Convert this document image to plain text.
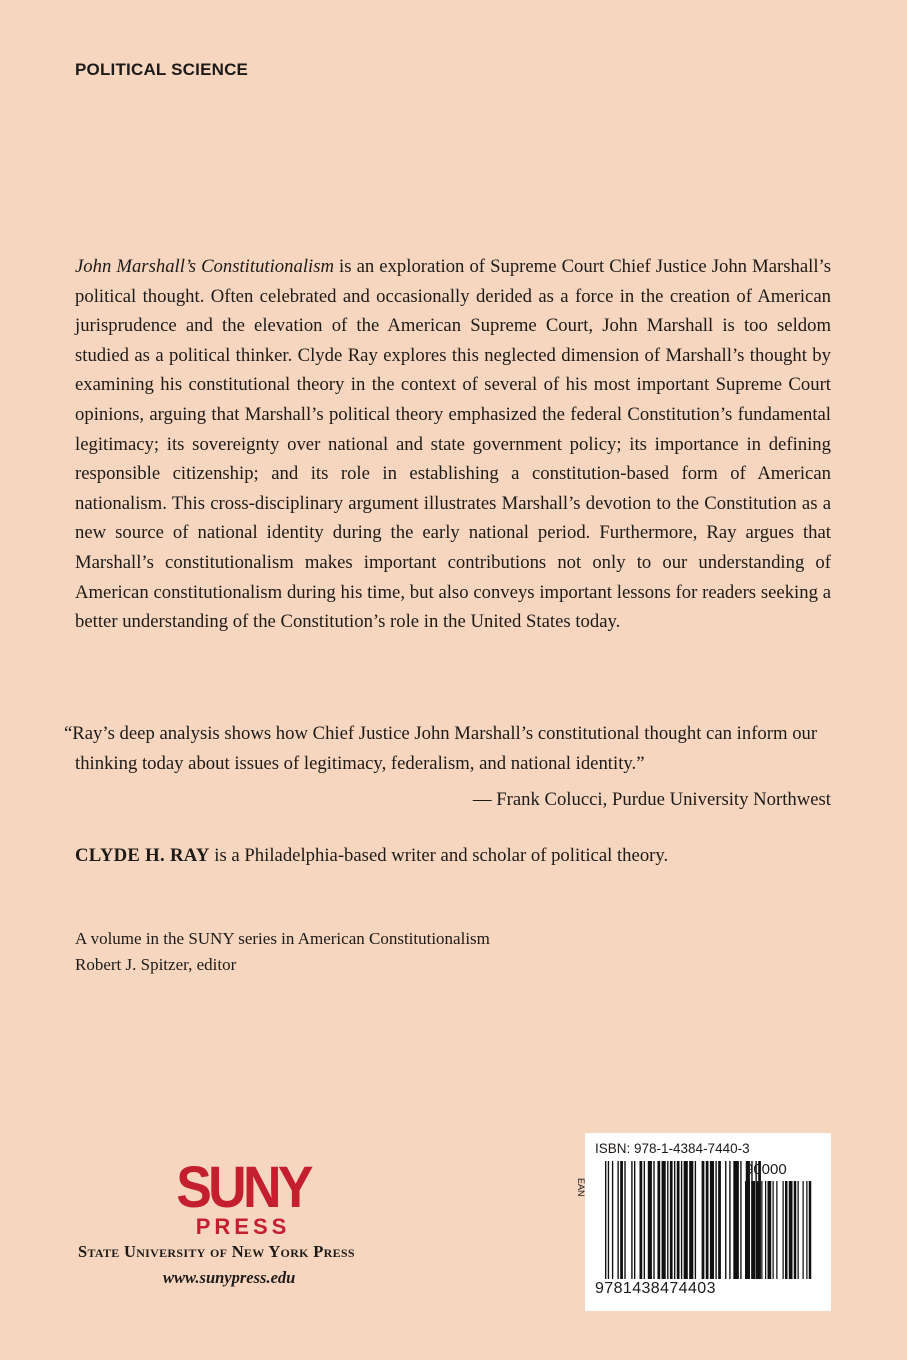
POLITICAL SCIENCE

John Marshall’s Constitutionalism is an exploration of Supreme Court Chief Justice John Marshall’s political thought. Often celebrated and occasionally derided as a force in the creation of American jurisprudence and the elevation of the American Supreme Court, John Marshall is too seldom studied as a political thinker. Clyde Ray explores this neglected dimension of Marshall’s thought by examining his constitutional theory in the context of several of his most important Supreme Court opinions, arguing that Marshall’s political theory emphasized the federal Constitution’s fundamental legitimacy; its sovereignty over national and state government policy; its importance in defining responsible citizenship; and its role in establishing a constitution-based form of American nationalism. This cross-disciplinary argument illustrates Marshall’s devotion to the Constitution as a new source of national identity during the early national period. Furthermore, Ray argues that Marshall’s constitutionalism makes important contributions not only to our understanding of American constitutionalism during his time, but also conveys important lessons for readers seeking a better understanding of the Constitution’s role in the United States today.

“Ray’s deep analysis shows how Chief Justice John Marshall’s constitutional thought can inform our thinking today about issues of legitimacy, federalism, and national identity.”

— Frank Colucci, Purdue University Northwest
CLYDE H. RAY is a Philadelphia-based writer and scholar of political theory.
A volume in the SUNY series in American Constitutionalism
Robert J. Spitzer, editor
SUNY
PRESS
State University of New York Press
www.sunypress.edu
ISBN: 978-1-4384-7440-3
EAN
90000
9781438474403
